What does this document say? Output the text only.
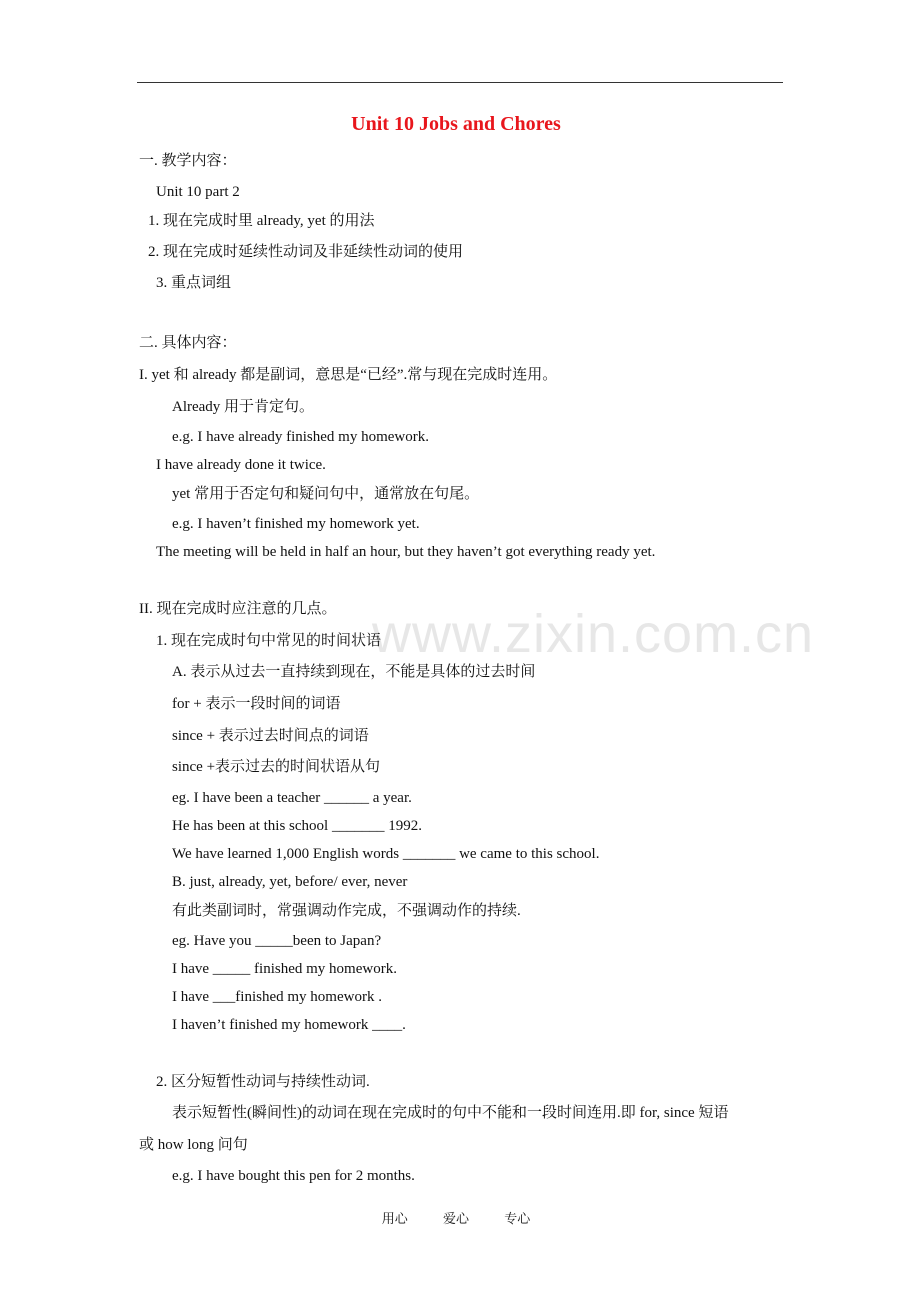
Unit 10 Jobs and Chores
www.zixin.com.cn
一. 教学内容：
Unit 10 part 2
1. 现在完成时里 already, yet 的用法
2. 现在完成时延续性动词及非延续性动词的使用
3. 重点词组
二. 具体内容：
I. yet 和 already 都是副词，意思是“已经”.常与现在完成时连用。
Already 用于肯定句。
e.g. I have already finished my homework.
I have already done it twice.
yet 常用于否定句和疑问句中，通常放在句尾。
e.g. I haven’t finished my homework yet.
The meeting will be held in half an hour, but they haven’t got everything ready yet.
II. 现在完成时应注意的几点。
1. 现在完成时句中常见的时间状语
A. 表示从过去一直持续到现在，不能是具体的过去时间
for + 表示一段时间的词语
since + 表示过去时间点的词语
since +表示过去的时间状语从句
eg. I have been a teacher ______ a year.
He has been at this school _______ 1992.
We have learned 1,000 English words _______ we came to this school.
B. just, already, yet, before/ ever, never
有此类副词时，常强调动作完成，不强调动作的持续.
eg. Have you _____been to Japan?
I have _____ finished my homework.
I have ___finished my homework .
I haven’t finished my homework ____.
2. 区分短暂性动词与持续性动词.
表示短暂性(瞬间性)的动词在现在完成时的句中不能和一段时间连用.即 for, since 短语
或 how long 问句
e.g. I have bought this pen for 2 months.
用心	爱心	专心
